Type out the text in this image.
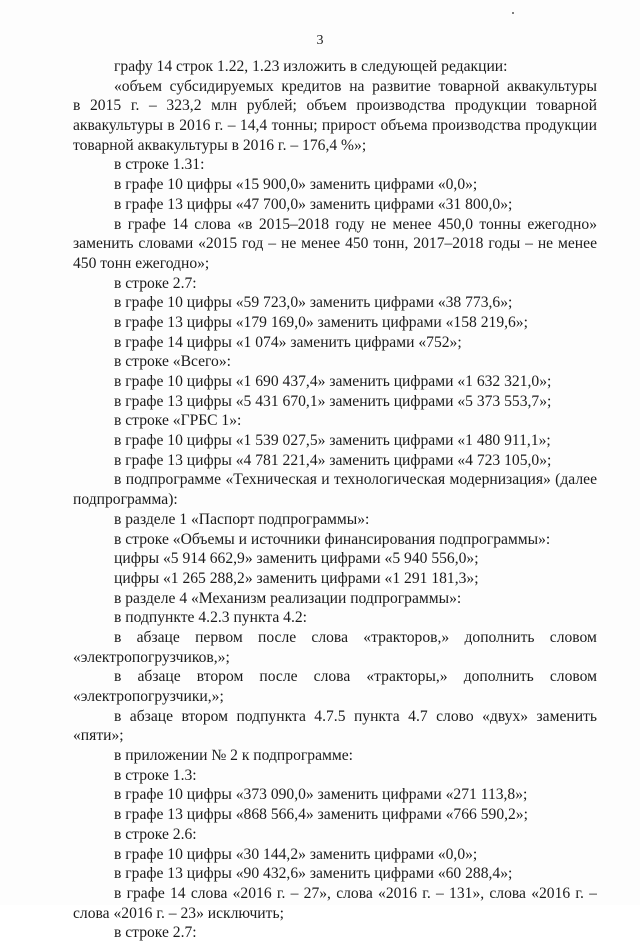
3
графу 14 строк 1.22, 1.23 изложить в следующей редакции:
«объем субсидируемых кредитов на развитие товарной аквакультуры
в 2015 г. – 323,2 млн рублей; объем производства продукции товарной
аквакультуры в 2016 г. – 14,4 тонны; прирост объема производства продукции
товарной аквакультуры в 2016 г. – 176,4 %»;
в строке 1.31:
в графе 10 цифры «15 900,0» заменить цифрами «0,0»;
в графе 13 цифры «47 700,0» заменить цифрами «31 800,0»;
в графе 14 слова «в 2015–2018 году не менее 450,0 тонны ежегодно»
заменить словами «2015 год – не менее 450 тонн, 2017–2018 годы – не менее
450 тонн ежегодно»;
в строке 2.7:
в графе 10 цифры «59 723,0» заменить цифрами «38 773,6»;
в графе 13 цифры «179 169,0» заменить цифрами «158 219,6»;
в графе 14 цифры «1 074» заменить цифрами «752»;
в строке «Всего»:
в графе 10 цифры «1 690 437,4» заменить цифрами «1 632 321,0»;
в графе 13 цифры «5 431 670,1» заменить цифрами «5 373 553,7»;
в строке «ГРБС 1»:
в графе 10 цифры «1 539 027,5» заменить цифрами «1 480 911,1»;
в графе 13 цифры «4 781 221,4» заменить цифрами «4 723 105,0»;
в подпрограмме «Техническая и технологическая модернизация» (далее
подпрограмма):
в разделе 1 «Паспорт подпрограммы»:
в строке «Объемы и источники финансирования подпрограммы»:
цифры «5 914 662,9» заменить цифрами «5 940 556,0»;
цифры «1 265 288,2» заменить цифрами «1 291 181,3»;
в разделе 4 «Механизм реализации подпрограммы»:
в подпункте 4.2.3 пункта 4.2:
в абзаце первом после слова «тракторов,» дополнить словом
«электропогрузчиков,»;
в абзаце втором после слова «тракторы,» дополнить словом
«электропогрузчики,»;
в абзаце втором подпункта 4.7.5 пункта 4.7 слово «двух» заменить
«пяти»;
в приложении № 2 к подпрограмме:
в строке 1.3:
в графе 10 цифры «373 090,0» заменить цифрами «271 113,8»;
в графе 13 цифры «868 566,4» заменить цифрами «766 590,2»;
в строке 2.6:
в графе 10 цифры «30 144,2» заменить цифрами «0,0»;
в графе 13 цифры «90 432,6» заменить цифрами «60 288,4»;
в графе 14 слова «2016 г. – 27», слова «2016 г. – 131», слова «2016 г. –
слова «2016 г. – 23» исключить;
в строке 2.7:
